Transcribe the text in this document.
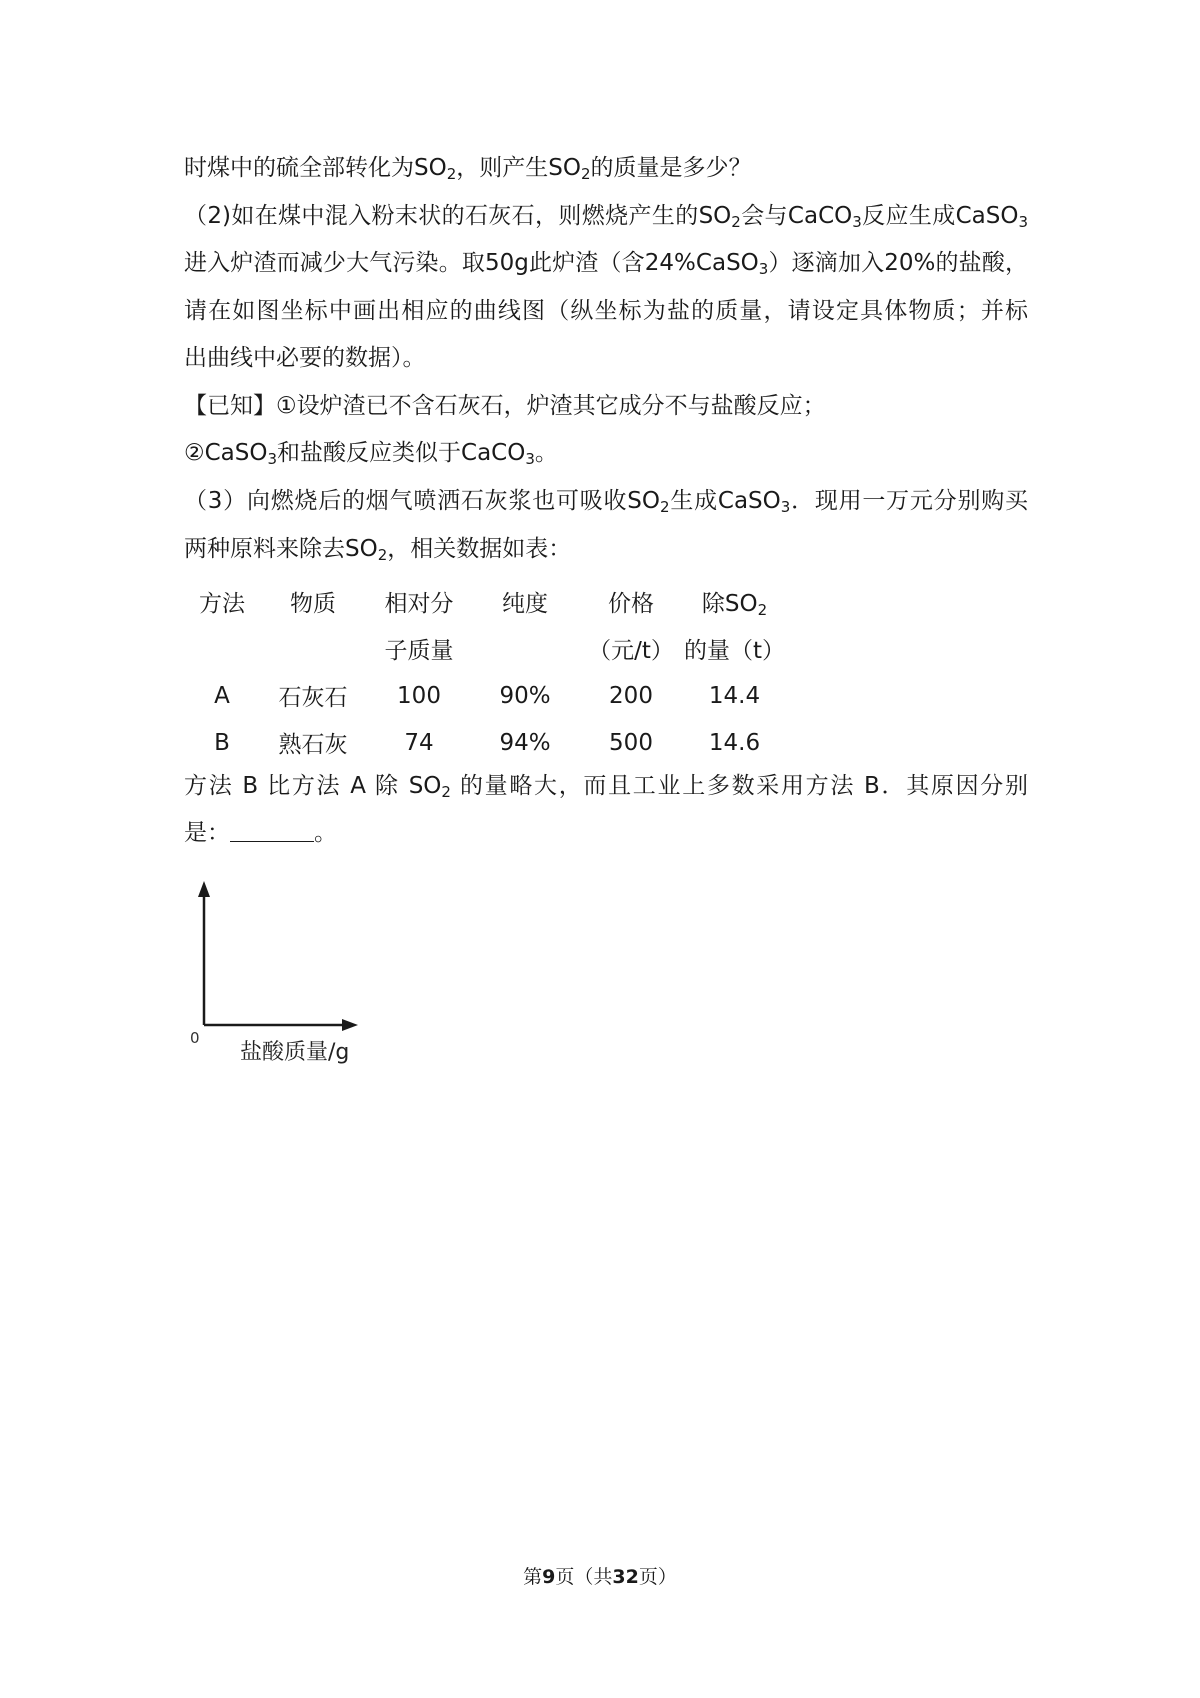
时煤中的硫全部转化为$SO_2$，则产生$SO_2$的质量是多少？
（2)如在煤中混入粉末状的石灰石，则燃烧产生的$SO_2$会与CaCO$_3$反应生成CaSO$_3$
进入炉渣而减少大气污染。取50g此炉渣（含24%CaSO$_3$）逐滴加入20%的盐酸，
请在如图坐标中画出相应的曲线图（纵坐标为盐的质量，请设定具体物质；并标
出曲线中必要的数据）。
【已知】①设炉渣已不含石灰石，炉渣其它成分不与盐酸反应；
②CaSO$_3$和盐酸反应类似于CaCO$_3$。
（3）向燃烧后的烟气喷洒石灰浆也可吸收$SO_2$生成CaSO$_3$．现用一万元分别购买
两种原料来除去$SO_2$，相关数据如表：
方法	物质	相对分	纯度	价格	除$SO_2$
		子质量		（元/t）	的量（t）
A	石灰石	100	90%	200	14.4
B	熟石灰	74	94%	500	14.6
方法 B 比方法 A 除 $SO_2$ 的量略大，而且工业上多数采用方法 B．其原因分别
是：	。
0
盐酸质量/g
第9页（共32页）
